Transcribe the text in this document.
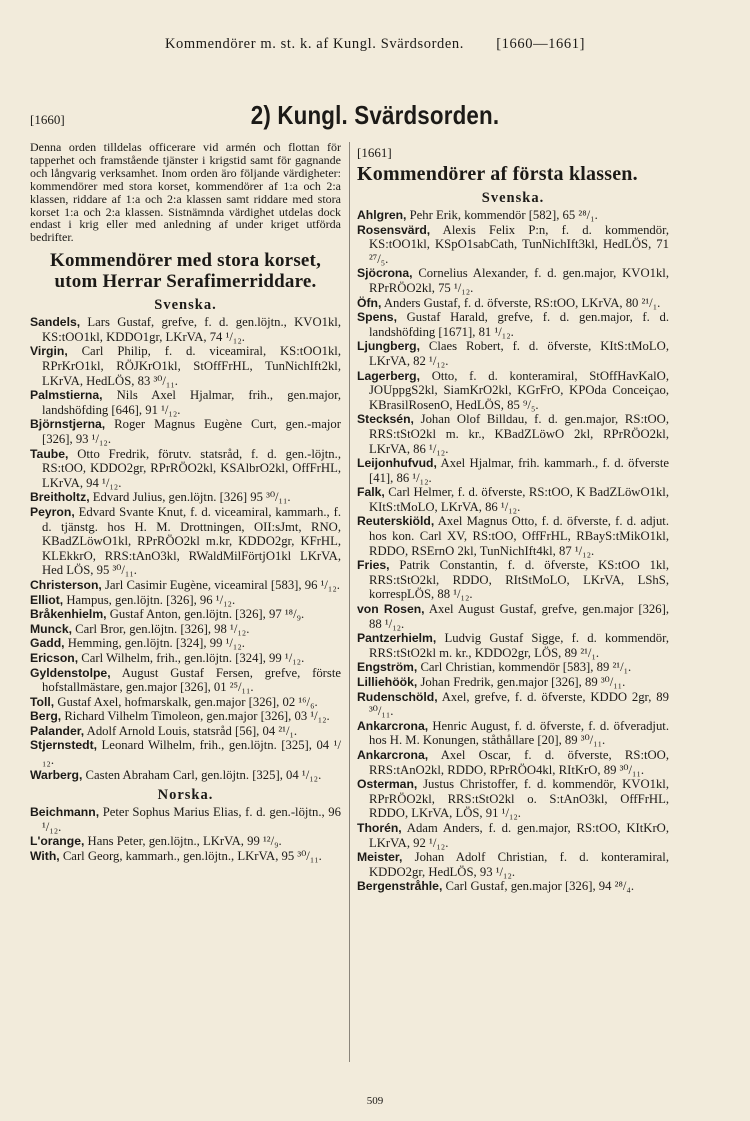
Kommendörer m. st. k. af Kungl. Svärdsorden. [1660—1661]
[1660]	2) Kungl. Svärdsorden.

Denna orden tilldelas officerare vid armén och flottan för tapperhet och framstående tjänster i krigstid samt för gagnande och långvarig verksamhet. Inom orden äro följande värdigheter: kommendörer med stora korset, kommendörer af 1:a och 2:a klassen, riddare af 1:a och 2:a klassen samt riddare med stora korset 1:a och 2:a klassen. Sistnämnda värdighet utdelas dock endast i krig eller med anledning af under kriget utförda bedrifter.

Kommendörer med stora korset, utom Herrar Serafimerriddare.
Svenska.

Sandels, Lars Gustaf, grefve, f. d. gen.löjtn., KVO1kl, KS:tOO1kl, KDDO1gr, LKrVA, 74 ¹/₁₂.

Virgin, Carl Philip, f. d. viceamiral, KS:tOO1kl, RPrKrO1kl, RÖJKrO1kl, StOffFrHL, TunNichIft2kl, LKrVA, HedLÖS, 83 ³⁰/₁₁.

Palmstierna, Nils Axel Hjalmar, frih., gen.major, landshöfding [646], 91 ¹/₁₂.

Björnstjerna, Roger Magnus Eugène Curt, gen.-major [326], 93 ¹/₁₂.

Taube, Otto Fredrik, förutv. statsråd, f. d. gen.-löjtn., RS:tOO, KDDO2gr, RPrRÖO2kl, KSAlbrO2kl, OffFrHL, LKrVA, 94 ¹/₁₂.

Breitholtz, Edvard Julius, gen.löjtn. [326] 95 ³⁰/₁₁.

Peyron, Edvard Svante Knut, f. d. viceamiral, kammarh., f. d. tjänstg. hos H. M. Drottningen, OII:sJmt, RNO, KBadZLöwO1kl, RPrRÖO2kl m.kr, KDDO2gr, KFrHL, KLEkkrO, RRS:tAnO3kl, RWaldMilFörtjO1kl LKrVA, Hed LÖS, 95 ³⁰/₁₁.

Christerson, Jarl Casimir Eugène, viceamiral [583], 96 ¹/₁₂.

Elliot, Hampus, gen.löjtn. [326], 96 ¹/₁₂.

Bråkenhielm, Gustaf Anton, gen.löjtn. [326], 97 ¹⁸/₉.

Munck, Carl Bror, gen.löjtn. [326], 98 ¹/₁₂.

Gadd, Hemming, gen.löjtn. [324], 99 ¹/₁₂.

Ericson, Carl Wilhelm, frih., gen.löjtn. [324], 99 ¹/₁₂.

Gyldenstolpe, August Gustaf Fersen, grefve, förste hofstallmästare, gen.major [326], 01 ²⁵/₁₁.

Toll, Gustaf Axel, hofmarskalk, gen.major [326], 02 ¹⁶/₆.

Berg, Richard Vilhelm Timoleon, gen.major [326], 03 ¹/₁₂.

Palander, Adolf Arnold Louis, statsråd [56], 04 ²¹/₁.

Stjernstedt, Leonard Wilhelm, frih., gen.löjtn. [325], 04 ¹/₁₂.

Warberg, Casten Abraham Carl, gen.löjtn. [325], 04 ¹/₁₂.

Norska.

Beichmann, Peter Sophus Marius Elias, f. d. gen.-löjtn., 96 ¹/₁₂.

L'orange, Hans Peter, gen.löjtn., LKrVA, 99 ¹²/₉.

With, Carl Georg, kammarh., gen.löjtn., LKrVA, 95 ³⁰/₁₁.

[1661]
Kommendörer af första klassen.
Svenska.

Ahlgren, Pehr Erik, kommendör [582], 65 ²⁸/₁.

Rosensvärd, Alexis Felix P:n, f. d. kommendör, KS:tOO1kl, KSpO1sabCath, TunNichIft3kl, HedLÖS, 71 ²⁷/₅.

Sjöcrona, Cornelius Alexander, f. d. gen.major, KVO1kl, RPrRÖO2kl, 75 ¹/₁₂.

Öfn, Anders Gustaf, f. d. öfverste, RS:tOO, LKrVA, 80 ²¹/₁.

Spens, Gustaf Harald, grefve, f. d. gen.major, f. d. landshöfding [1671], 81 ¹/₁₂.

Ljungberg, Claes Robert, f. d. öfverste, KItS:tMoLO, LKrVA, 82 ¹/₁₂.

Lagerberg, Otto, f. d. konteramiral, StOffHavKalO, JOUppgS2kl, SiamKrO2kl, KGrFrO, KPOda Conceiçao, KBrasilRosenO, HedLÖS, 85 ⁹/₅.

Stecksén, Johan Olof Billdau, f. d. gen.major, RS:tOO, RRS:tStO2kl m. kr., KBadZLöwO 2kl, RPrRÖO2kl, LKrVA, 86 ¹/₁₂.

Leijonhufvud, Axel Hjalmar, frih. kammarh., f. d. öfverste [41], 86 ¹/₁₂.

Falk, Carl Helmer, f. d. öfverste, RS:tOO, K BadZLöwO1kl, KItS:tMoLO, LKrVA, 86 ¹/₁₂.

Reuterskiöld, Axel Magnus Otto, f. d. öfverste, f. d. adjut. hos kon. Carl XV, RS:tOO, OffFrHL, RBayS:tMikO1kl, RDDO, RSErnO 2kl, TunNichIft4kl, 87 ¹/₁₂.

Fries, Patrik Constantin, f. d. öfverste, KS:tOO 1kl, RRS:tStO2kl, RDDO, RItStMoLO, LKrVA, LShS, korrespLÖS, 88 ¹/₁₂.

von Rosen, Axel August Gustaf, grefve, gen.major [326], 88 ¹/₁₂.

Pantzerhielm, Ludvig Gustaf Sigge, f. d. kommendör, RRS:tStO2kl m. kr., KDDO2gr, LÖS, 89 ²¹/₁.

Engström, Carl Christian, kommendör [583], 89 ²¹/₁.

Lilliehöök, Johan Fredrik, gen.major [326], 89 ³⁰/₁₁.

Rudenschöld, Axel, grefve, f. d. öfverste, KDDO 2gr, 89 ³⁰/₁₁.

Ankarcrona, Henric August, f. d. öfverste, f. d. öfveradjut. hos H. M. Konungen, ståthållare [20], 89 ³⁰/₁₁.

Ankarcrona, Axel Oscar, f. d. öfverste, RS:tOO, RRS:tAnO2kl, RDDO, RPrRÖO4kl, RItKrO, 89 ³⁰/₁₁.

Osterman, Justus Christoffer, f. d. kommendör, KVO1kl, RPrRÖO2kl, RRS:tStO2kl o. S:tAnO3kl, OffFrHL, RDDO, LKrVA, LÖS, 91 ¹/₁₂.

Thorén, Adam Anders, f. d. gen.major, RS:tOO, KItKrO, LKrVA, 92 ¹/₁₂.

Meister, Johan Adolf Christian, f. d. konteramiral, KDDO2gr, HedLÖS, 93 ¹/₁₂.

Bergenstråhle, Carl Gustaf, gen.major [326], 94 ²⁸/₄.

509
